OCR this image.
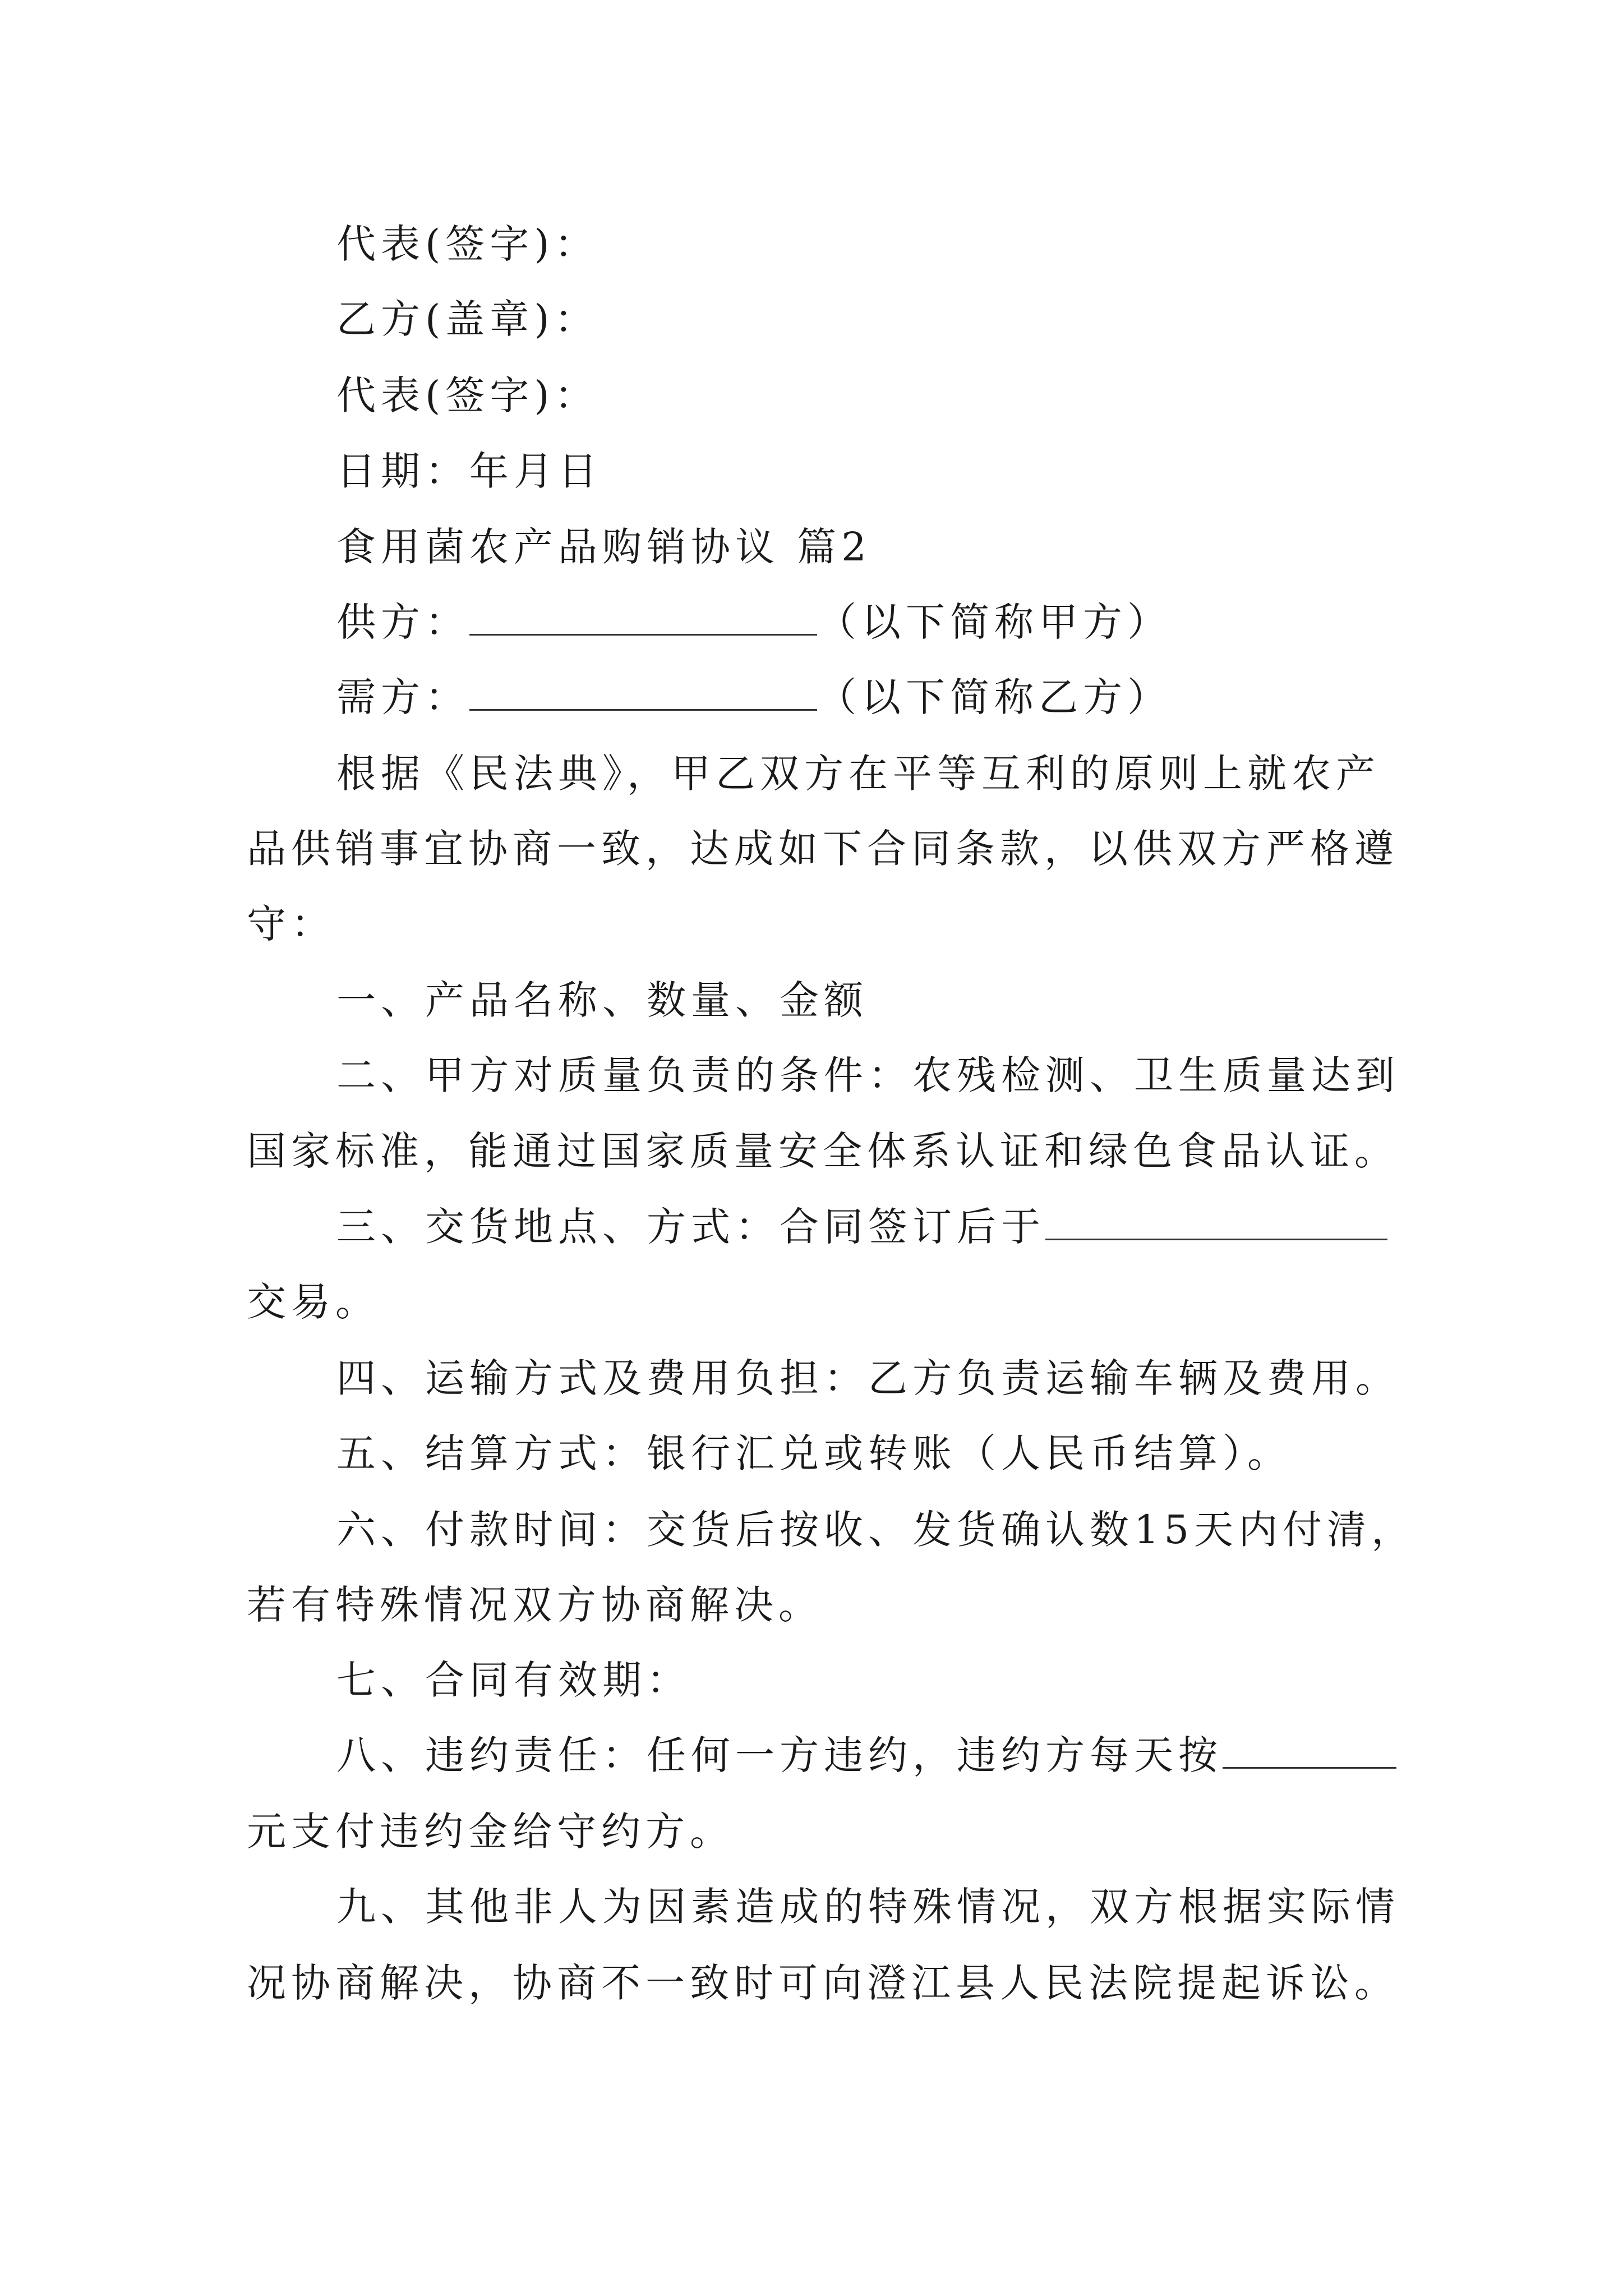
代表(签字)：
乙方(盖章)：
代表(签字)：
日期：年月日
食用菌农产品购销协议 篇2
供方：	（以下简称甲方）
需方：	（以下简称乙方）
根据《民法典》，甲乙双方在平等互利的原则上就农产
品供销事宜协商一致，达成如下合同条款，以供双方严格遵
守：
一、产品名称、数量、金额
二、甲方对质量负责的条件：农残检测、卫生质量达到
国家标准，能通过国家质量安全体系认证和绿色食品认证。
三、交货地点、方式：合同签订后于
交易。
四、运输方式及费用负担：乙方负责运输车辆及费用。
五、结算方式：银行汇兑或转账（人民币结算）。
六、付款时间：交货后按收、发货确认数15天内付清，
若有特殊情况双方协商解决。
七、合同有效期：
八、违约责任：任何一方违约，违约方每天按
元支付违约金给守约方。
九、其他非人为因素造成的特殊情况，双方根据实际情
况协商解决，协商不一致时可向澄江县人民法院提起诉讼。
